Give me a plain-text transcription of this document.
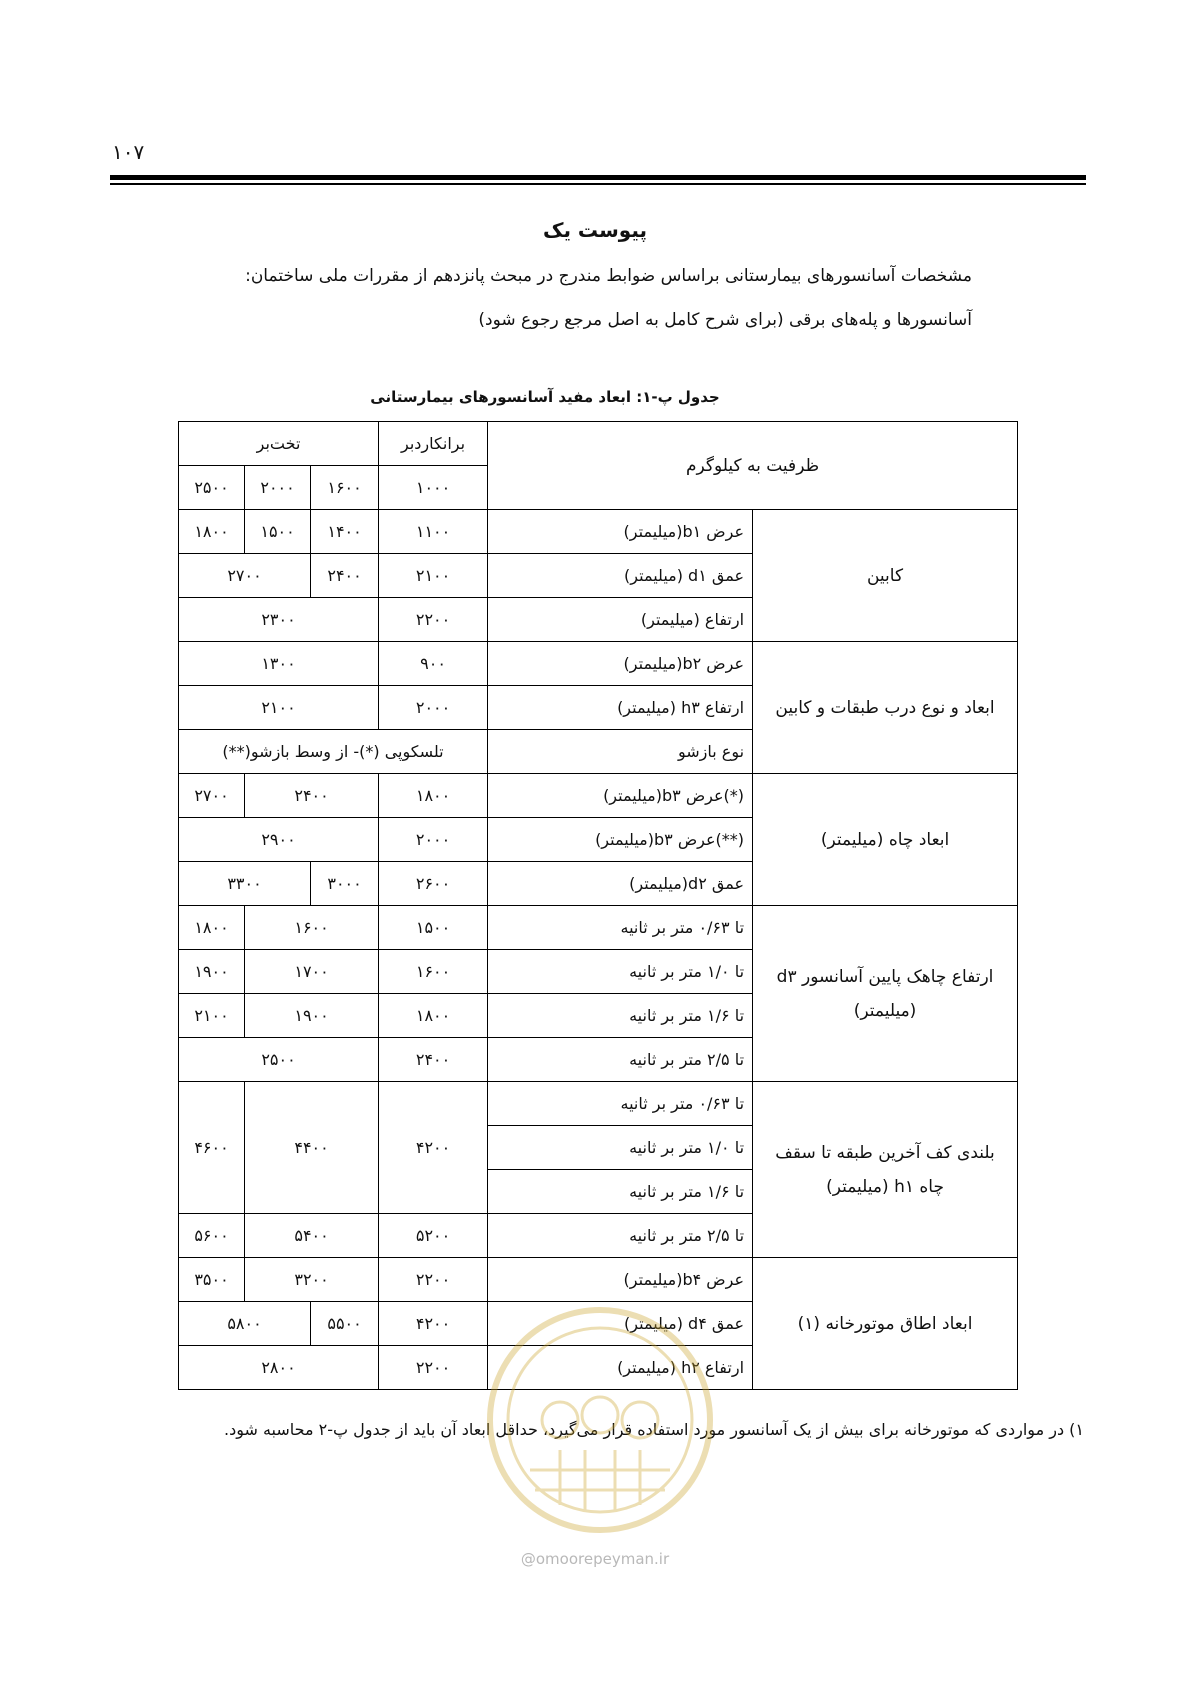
۱۰۷
پیوست یک
مشخصات آسانسورهای بیمارستانی براساس ضوابط مندرج در مبحث پانزدهم از مقررات ملی ساختمان:
آسانسورها و پله‌های برقی (برای شرح کامل به اصل مرجع رجوع شود)
جدول پ-۱: ابعاد مفید آسانسورهای بیمارستانی
ظرفیت به کیلوگرم		برانکاردبر	تخت‌بر		
		۱۰۰۰	۱۶۰۰	۲۰۰۰	۲۵۰۰
کابین	عرض b۱(میلیمتر)	۱۱۰۰	۱۴۰۰	۱۵۰۰	۱۸۰۰
	عمق d۱ (میلیمتر)	۲۱۰۰	۲۴۰۰	۲۷۰۰	
	ارتفاع (میلیمتر)	۲۲۰۰	۲۳۰۰		
ابعاد و نوع درب طبقات و کابین	عرض b۲(میلیمتر)	۹۰۰	۱۳۰۰		
	ارتفاع h۳ (میلیمتر)	۲۰۰۰	۲۱۰۰		
	نوع بازشو	تلسکوپی (*)- از وسط بازشو(**)			
ابعاد چاه (میلیمتر)	(*)عرض b۳(میلیمتر)	۱۸۰۰	۲۴۰۰		۲۷۰۰
	(**)عرض b۳(میلیمتر)	۲۰۰۰	۲۹۰۰		
	عمق d۲(میلیمتر)	۲۶۰۰	۳۰۰۰	۳۳۰۰	

ارتفاع چاهک پایین آسانسور d۳
(میلیمتر)	تا ۰/۶۳ متر بر ثانیه	۱۵۰۰	۱۶۰۰		۱۸۰۰
	تا ۱/۰ متر بر ثانیه	۱۶۰۰	۱۷۰۰		۱۹۰۰
	تا ۱/۶ متر بر ثانیه	۱۸۰۰	۱۹۰۰		۲۱۰۰
	تا ۲/۵ متر بر ثانیه	۲۴۰۰	۲۵۰۰		

بلندی کف آخرین طبقه تا سقف
چاه h۱ (میلیمتر)	تا ۰/۶۳ متر بر ثانیه	۴۲۰۰	۴۴۰۰		۴۶۰۰
	تا ۱/۰ متر بر ثانیه				
	تا ۱/۶ متر بر ثانیه				
	تا ۲/۵ متر بر ثانیه	۵۲۰۰	۵۴۰۰		۵۶۰۰
ابعاد اطاق موتورخانه (۱)	عرض b۴(میلیمتر)	۲۲۰۰	۳۲۰۰		۳۵۰۰
	عمق d۴ (میلیمتر)	۴۲۰۰	۵۵۰۰	۵۸۰۰	
	ارتفاع h۲ (میلیمتر)	۲۲۰۰	۲۸۰۰		
۱) در مواردی که موتورخانه برای بیش از یک آسانسور مورد استفاده قرار می‌گیرد، حداقل ابعاد آن باید از جدول پ-۲ محاسبه شود.
@omoorepeyman.ir
